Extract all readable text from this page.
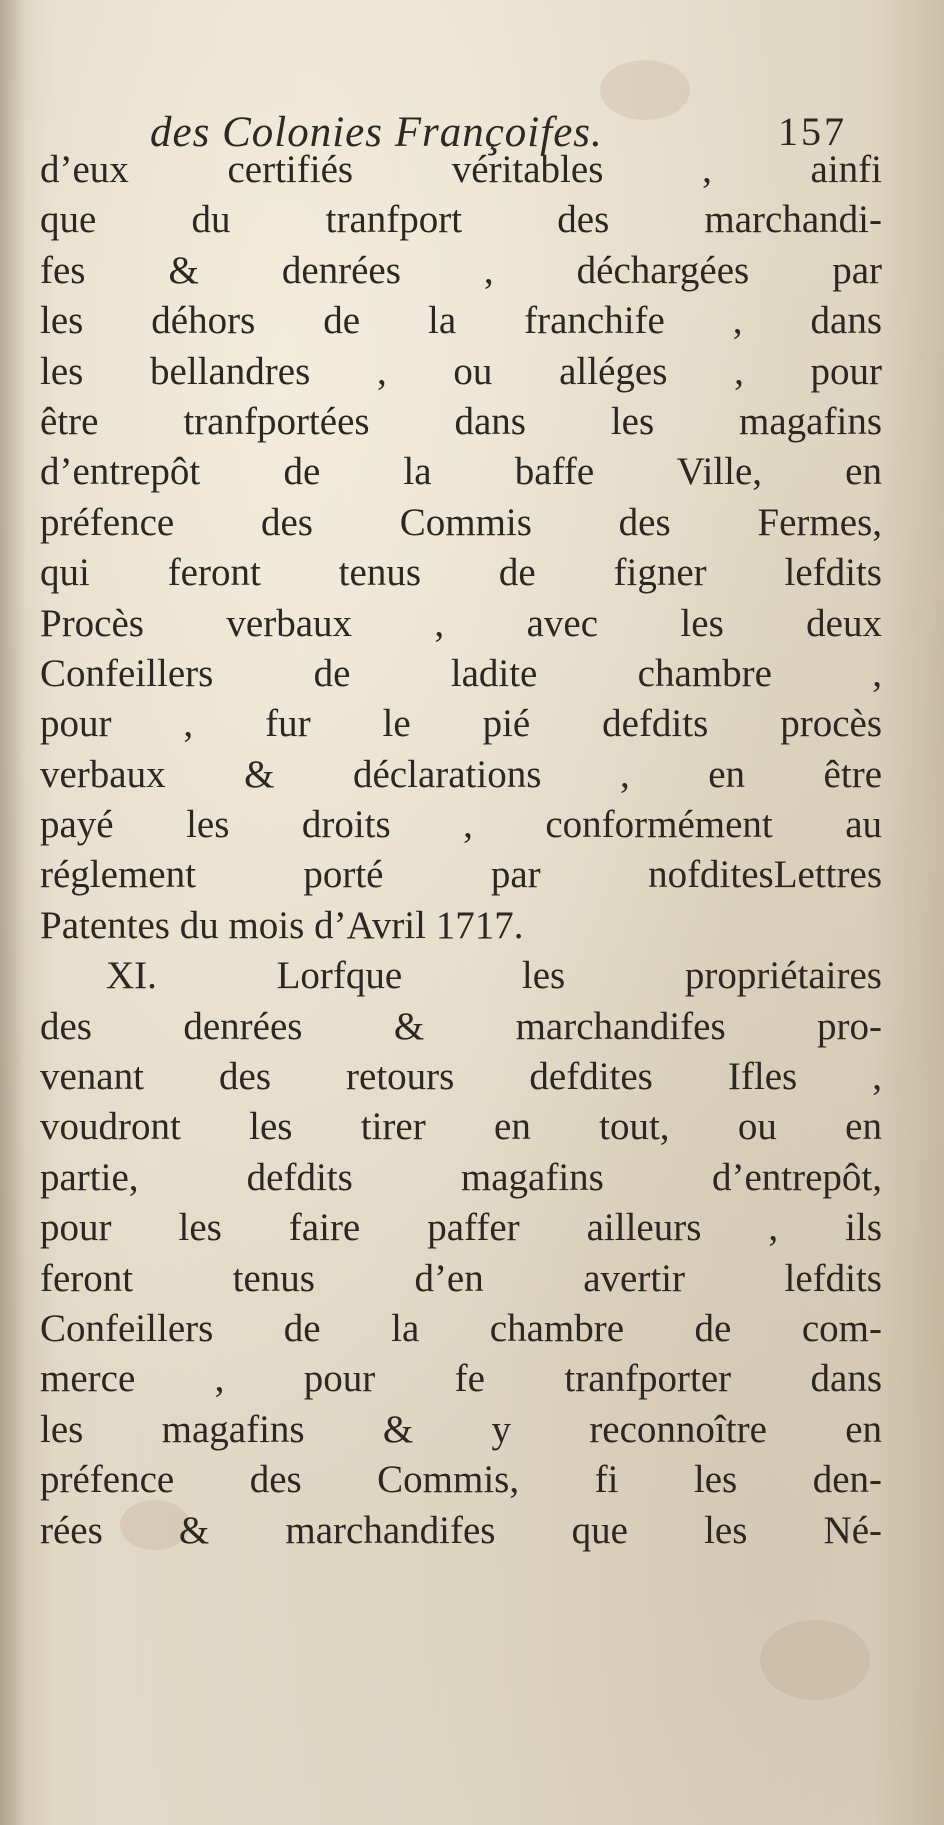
des Colonies Françoifes.	157
d’eux certifiés véritables , ainfi
que du tranfport des marchandi-
fes & denrées , déchargées par
les déhors de la franchife , dans
les bellandres , ou alléges , pour
être tranfportées dans les magafins
d’entrepôt de la baffe Ville, en
préfence des Commis des Fermes,
qui feront tenus de figner lefdits
Procès verbaux , avec les deux
Confeillers de ladite chambre ,
pour , fur le pié defdits procès
verbaux & déclarations , en être
payé les droits , conformément au
réglement porté par nofditesLettres
Patentes du mois d’Avril 1717.
XI. Lorfque les propriétaires
des denrées & marchandifes pro-
venant des retours defdites Ifles ,
voudront les tirer en tout, ou en
partie, defdits magafins d’entrepôt,
pour les faire paffer ailleurs , ils
feront tenus d’en avertir lefdits
Confeillers de la chambre de com-
merce , pour fe tranfporter dans
les magafins & y reconnoître en
préfence des Commis, fi les den-
rées & marchandifes que les Né-
